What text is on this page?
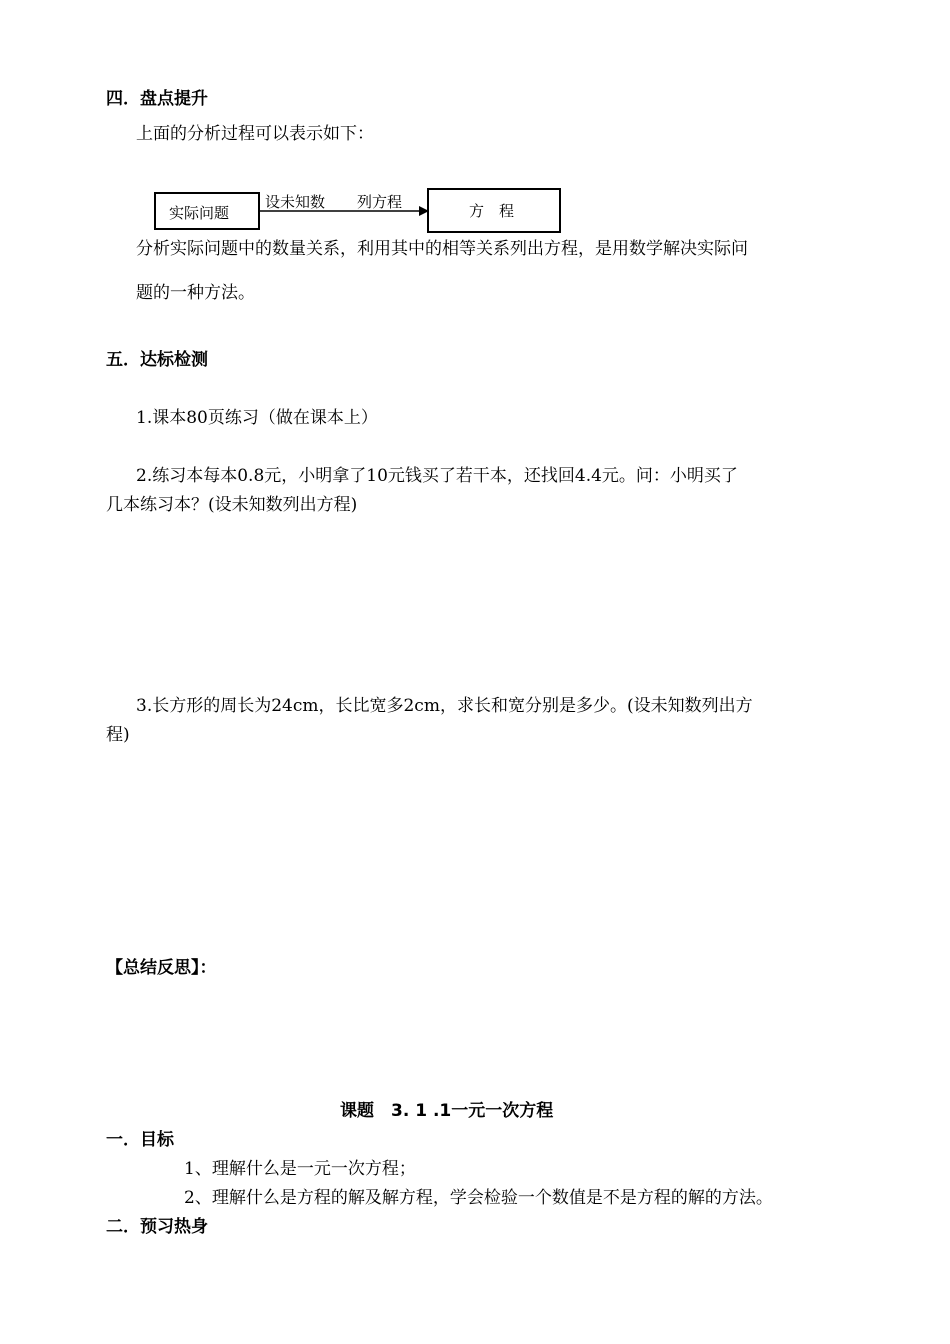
四．盘点提升
上面的分析过程可以表示如下：
实际问题
设未知数 列方程	方　程
分析实际问题中的数量关系，利用其中的相等关系列出方程，是用数学解决实际问
题的一种方法。
五．达标检测
1.课本80页练习（做在课本上）
2.练习本每本0.8元，小明拿了10元钱买了若干本，还找回4.4元。问：小明买了
几本练习本？(设未知数列出方程)
3.长方形的周长为24cm，长比宽多2cm，求长和宽分别是多少。(设未知数列出方
程)
【总结反思】：
课题　3. 1 .1一元一次方程
一．目标
1、理解什么是一元一次方程；
2、理解什么是方程的解及解方程，学会检验一个数值是不是方程的解的方法。
二．预习热身
